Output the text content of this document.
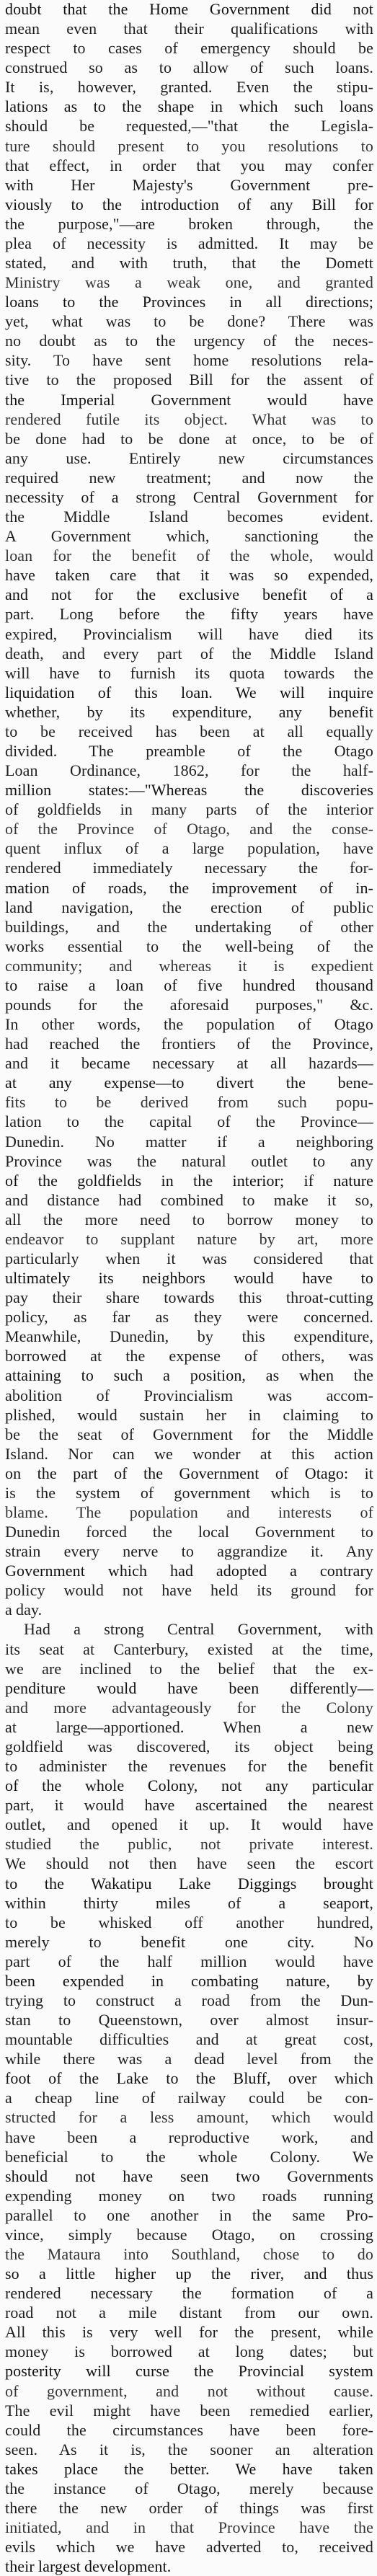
doubt that the Home Government did not
mean even that their qualifications with
respect to cases of emergency should be
construed so as to allow of such loans.
It is, however, granted. Even the stipu-
lations as to the shape in which such loans
should be requested,—"that the Legisla-
ture should present to you resolutions to
that effect, in order that you may confer
with Her Majesty's Government pre-
viously to the introduction of any Bill for
the purpose,"—are broken through, the
plea of necessity is admitted. It may be
stated, and with truth, that the Domett
Ministry was a weak one, and granted
loans to the Provinces in all directions;
yet, what was to be done? There was
no doubt as to the urgency of the neces-
sity. To have sent home resolutions rela-
tive to the proposed Bill for the assent of
the Imperial Government would have
rendered futile its object. What was to
be done had to be done at once, to be of
any use. Entirely new circumstances
required new treatment; and now the
necessity of a strong Central Government for
the Middle Island becomes evident.
A Government which, sanctioning the
loan for the benefit of the whole, would
have taken care that it was so expended,
and not for the exclusive benefit of a
part. Long before the fifty years have
expired, Provincialism will have died its
death, and every part of the Middle Island
will have to furnish its quota towards the
liquidation of this loan. We will inquire
whether, by its expenditure, any benefit
to be received has been at all equally
divided. The preamble of the Otago
Loan Ordinance, 1862, for the half-
million states:—"Whereas the discoveries
of goldfields in many parts of the interior
of the Province of Otago, and the conse-
quent influx of a large population, have
rendered immediately necessary the for-
mation of roads, the improvement of in-
land navigation, the erection of public
buildings, and the undertaking of other
works essential to the well-being of the
community; and whereas it is expedient
to raise a loan of five hundred thousand
pounds for the aforesaid purposes," &c.
In other words, the population of Otago
had reached the frontiers of the Province,
and it became necessary at all hazards—
at any expense—to divert the bene-
fits to be derived from such popu-
lation to the capital of the Province—
Dunedin. No matter if a neighboring
Province was the natural outlet to any
of the goldfields in the interior; if nature
and distance had combined to make it so,
all the more need to borrow money to
endeavor to supplant nature by art, more
particularly when it was considered that
ultimately its neighbors would have to
pay their share towards this throat-cutting
policy, as far as they were concerned.
Meanwhile, Dunedin, by this expenditure,
borrowed at the expense of others, was
attaining to such a position, as when the
abolition of Provincialism was accom-
plished, would sustain her in claiming to
be the seat of Government for the Middle
Island. Nor can we wonder at this action
on the part of the Government of Otago: it
is the system of government which is to
blame. The population and interests of
Dunedin forced the local Government to
strain every nerve to aggrandize it. Any
Government which had adopted a contrary
policy would not have held its ground for
a day.
Had a strong Central Government, with
its seat at Canterbury, existed at the time,
we are inclined to the belief that the ex-
penditure would have been differently—
and more advantageously for the Colony
at large—apportioned. When a new
goldfield was discovered, its object being
to administer the revenues for the benefit
of the whole Colony, not any particular
part, it would have ascertained the nearest
outlet, and opened it up. It would have
studied the public, not private interest.
We should not then have seen the escort
to the Wakatipu Lake Diggings brought
within thirty miles of a seaport,
to be whisked off another hundred,
merely to benefit one city. No
part of the half million would have
been expended in combating nature, by
trying to construct a road from the Dun-
stan to Queenstown, over almost insur-
mountable difficulties and at great cost,
while there was a dead level from the
foot of the Lake to the Bluff, over which
a cheap line of railway could be con-
structed for a less amount, which would
have been a reproductive work, and
beneficial to the whole Colony. We
should not have seen two Governments
expending money on two roads running
parallel to one another in the same Pro-
vince, simply because Otago, on crossing
the Mataura into Southland, chose to do
so a little higher up the river, and thus
rendered necessary the formation of a
road not a mile distant from our own.
All this is very well for the present, while
money is borrowed at long dates; but
posterity will curse the Provincial system
of government, and not without cause.
The evil might have been remedied earlier,
could the circumstances have been fore-
seen. As it is, the sooner an alteration
takes place the better. We have taken
the instance of Otago, merely because
there the new order of things was first
initiated, and in that Province have the
evils which we have adverted to, received
their largest development.
